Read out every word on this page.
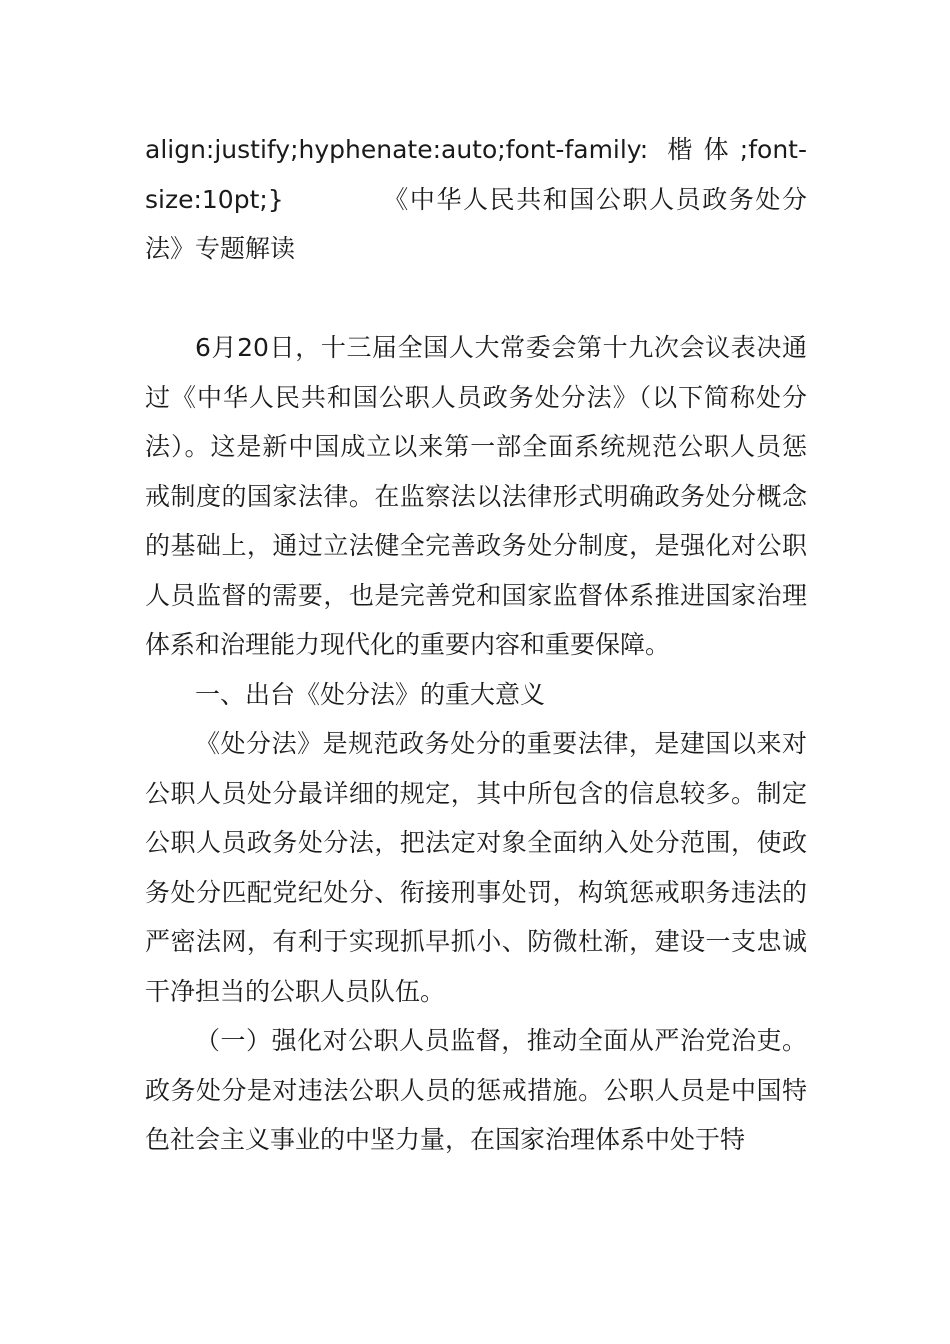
align:justify;hyphenate:auto;font-family: 楷体;font-size:10pt;}	《中华人民共和国公职人员政务处分法》专题解读

6月20日，十三届全国人大常委会第十九次会议表决通过《中华人民共和国公职人员政务处分法》（以下简称处分法）。这是新中国成立以来第一部全面系统规范公职人员惩戒制度的国家法律。在监察法以法律形式明确政务处分概念的基础上，通过立法健全完善政务处分制度，是强化对公职人员监督的需要，也是完善党和国家监督体系推进国家治理体系和治理能力现代化的重要内容和重要保障。

一、出台《处分法》的重大意义

《处分法》是规范政务处分的重要法律，是建国以来对公职人员处分最详细的规定，其中所包含的信息较多。制定公职人员政务处分法，把法定对象全面纳入处分范围，使政务处分匹配党纪处分、衔接刑事处罚，构筑惩戒职务违法的严密法网，有利于实现抓早抓小、防微杜渐，建设一支忠诚干净担当的公职人员队伍。

（一）强化对公职人员监督，推动全面从严治党治吏。政务处分是对违法公职人员的惩戒措施。公职人员是中国特色社会主义事业的中坚力量，在国家治理体系中处于特
